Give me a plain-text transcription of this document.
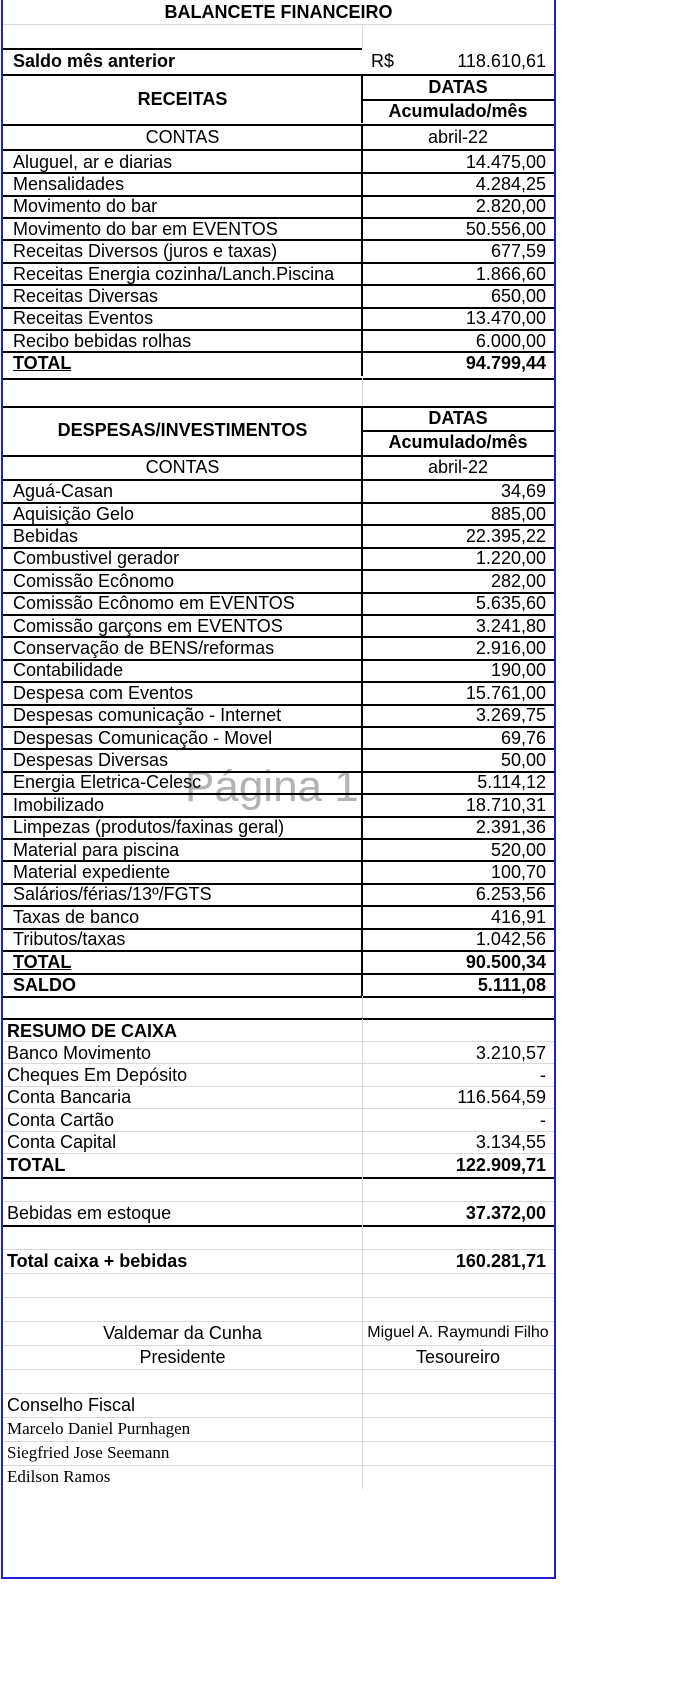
BALANCETE FINANCEIRO
Saldo mês anterior	R$	118.610,61
RECEITAS
DATAS
Acumulado/mês
CONTAS	abril-22
Página 1
Aluguel, ar e diarias	14.475,00
Mensalidades	4.284,25
Movimento do bar	2.820,00
Movimento do bar em EVENTOS	50.556,00
Receitas Diversos (juros e taxas)	677,59
Receitas Energia cozinha/Lanch.Piscina	1.866,60
Receitas Diversas	650,00
Receitas Eventos	13.470,00
Recibo bebidas rolhas	6.000,00
TOTAL	94.799,44
DESPESAS/INVESTIMENTOS
DATAS
Acumulado/mês
CONTAS	abril-22
Aguá-Casan	34,69
Aquisição Gelo	885,00
Bebidas	22.395,22
Combustivel gerador	1.220,00
Comissão Ecônomo	282,00
Comissão Ecônomo em EVENTOS	5.635,60
Comissão garçons em EVENTOS	3.241,80
Conservação de BENS/reformas	2.916,00
Contabilidade	190,00
Despesa com Eventos	15.761,00
Despesas comunicação - Internet	3.269,75
Despesas Comunicação - Movel	69,76
Despesas Diversas	50,00
Energia Eletrica-Celesc	5.114,12
Imobilizado	18.710,31
Limpezas (produtos/faxinas geral)	2.391,36
Material para piscina	520,00
Material expediente	100,70
Salários/férias/13º/FGTS	6.253,56
Taxas de banco	416,91
Tributos/taxas	1.042,56
TOTAL	90.500,34
SALDO	5.111,08
RESUMO DE CAIXA
Banco Movimento	3.210,57
Cheques Em Depósito	-
Conta Bancaria	116.564,59
Conta Cartão	-
Conta Capital	3.134,55
TOTAL	122.909,71
Bebidas em estoque	37.372,00
Total caixa + bebidas	160.281,71
Valdemar da Cunha	Miguel A. Raymundi Filho
Presidente	Tesoureiro
Conselho Fiscal
Marcelo Daniel Purnhagen
Siegfried Jose Seemann
Edilson Ramos
